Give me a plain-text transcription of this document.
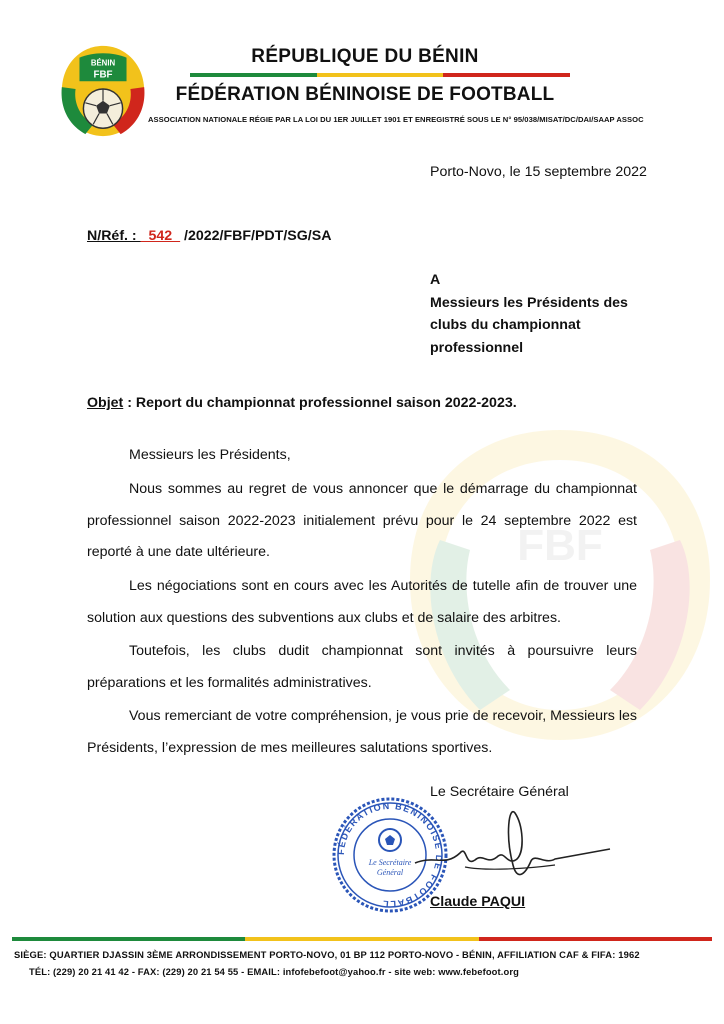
FBF
BÉNIN
FBF
RÉPUBLIQUE DU BÉNIN
FÉDÉRATION BÉNINOISE DE FOOTBALL
ASSOCIATION NATIONALE RÉGIE PAR LA LOI DU 1ER JUILLET 1901 ET ENREGISTRÉ SOUS LE N° 95/038/MISAT/DC/DAI/SAAP ASSOC
Porto-Novo, le 15 septembre 2022
N/Réf. : _542_ /2022/FBF/PDT/SG/SA
A
Messieurs les Présidents des
clubs du championnat
professionnel
Objet : Report du championnat professionnel saison 2022-2023.
Messieurs les Présidents,
Nous sommes au regret de vous annoncer que le démarrage du championnat professionnel saison 2022-2023 initialement prévu pour le 24 septembre 2022 est reporté à une date ultérieure.
Les négociations sont en cours avec les Autorités de tutelle afin de trouver une solution aux questions des subventions aux clubs et de salaire des arbitres.
Toutefois, les clubs dudit championnat sont invités à poursuivre leurs préparations et les formalités administratives.
Vous remerciant de votre compréhension, je vous prie de recevoir, Messieurs les Présidents, l’expression de mes meilleures salutations sportives.
Le Secrétaire Général
FÉDÉRATION BÉNINOISE DE FOOTBALL
Le Secrétaire
Général
Claude PAQUI
SIÈGE: QUARTIER DJASSIN 3ÈME ARRONDISSEMENT PORTO-NOVO, 01 BP 112 PORTO-NOVO - BÉNIN, AFFILIATION CAF & FIFA: 1962
TÉL: (229) 20 21 41 42 - FAX: (229) 20 21 54 55 - EMAIL: infofebefoot@yahoo.fr - site web: www.febefoot.org
